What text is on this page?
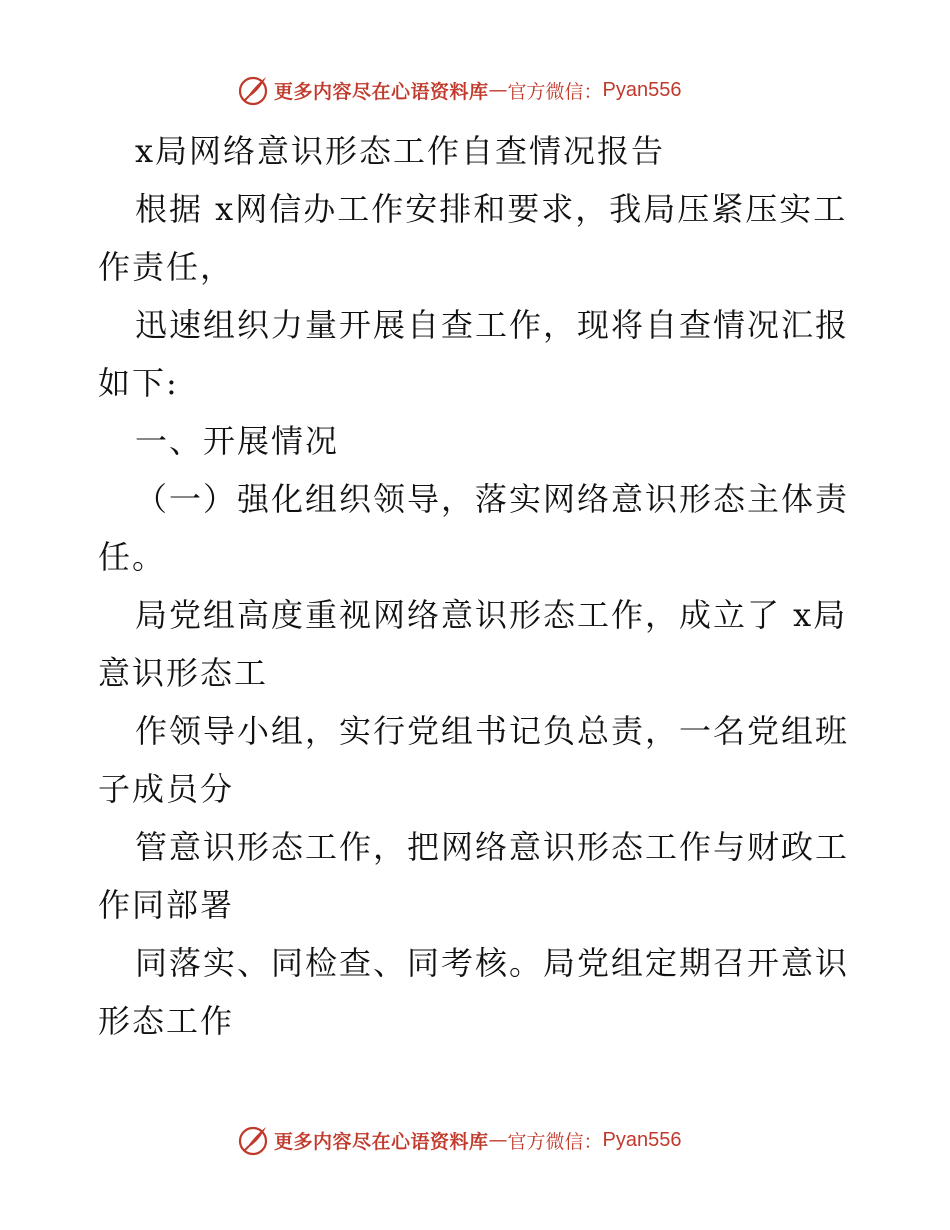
更多内容尽在心语资料库 — 官方微信： Pyan556

x局网络意识形态工作自查情况报告

根据 x网信办工作安排和要求，我局压紧压实工作责任，

迅速组织力量开展自查工作，现将自查情况汇报如下:

一、开展情况

（一）强化组织领导，落实网络意识形态主体责任。

局党组高度重视网络意识形态工作，成立了 x局意识形态工

作领导小组，实行党组书记负总责，一名党组班子成员分

管意识形态工作，把网络意识形态工作与财政工作同部署

同落实、同检查、同考核。局党组定期召开意识形态工作

更多内容尽在心语资料库 — 官方微信： Pyan556
